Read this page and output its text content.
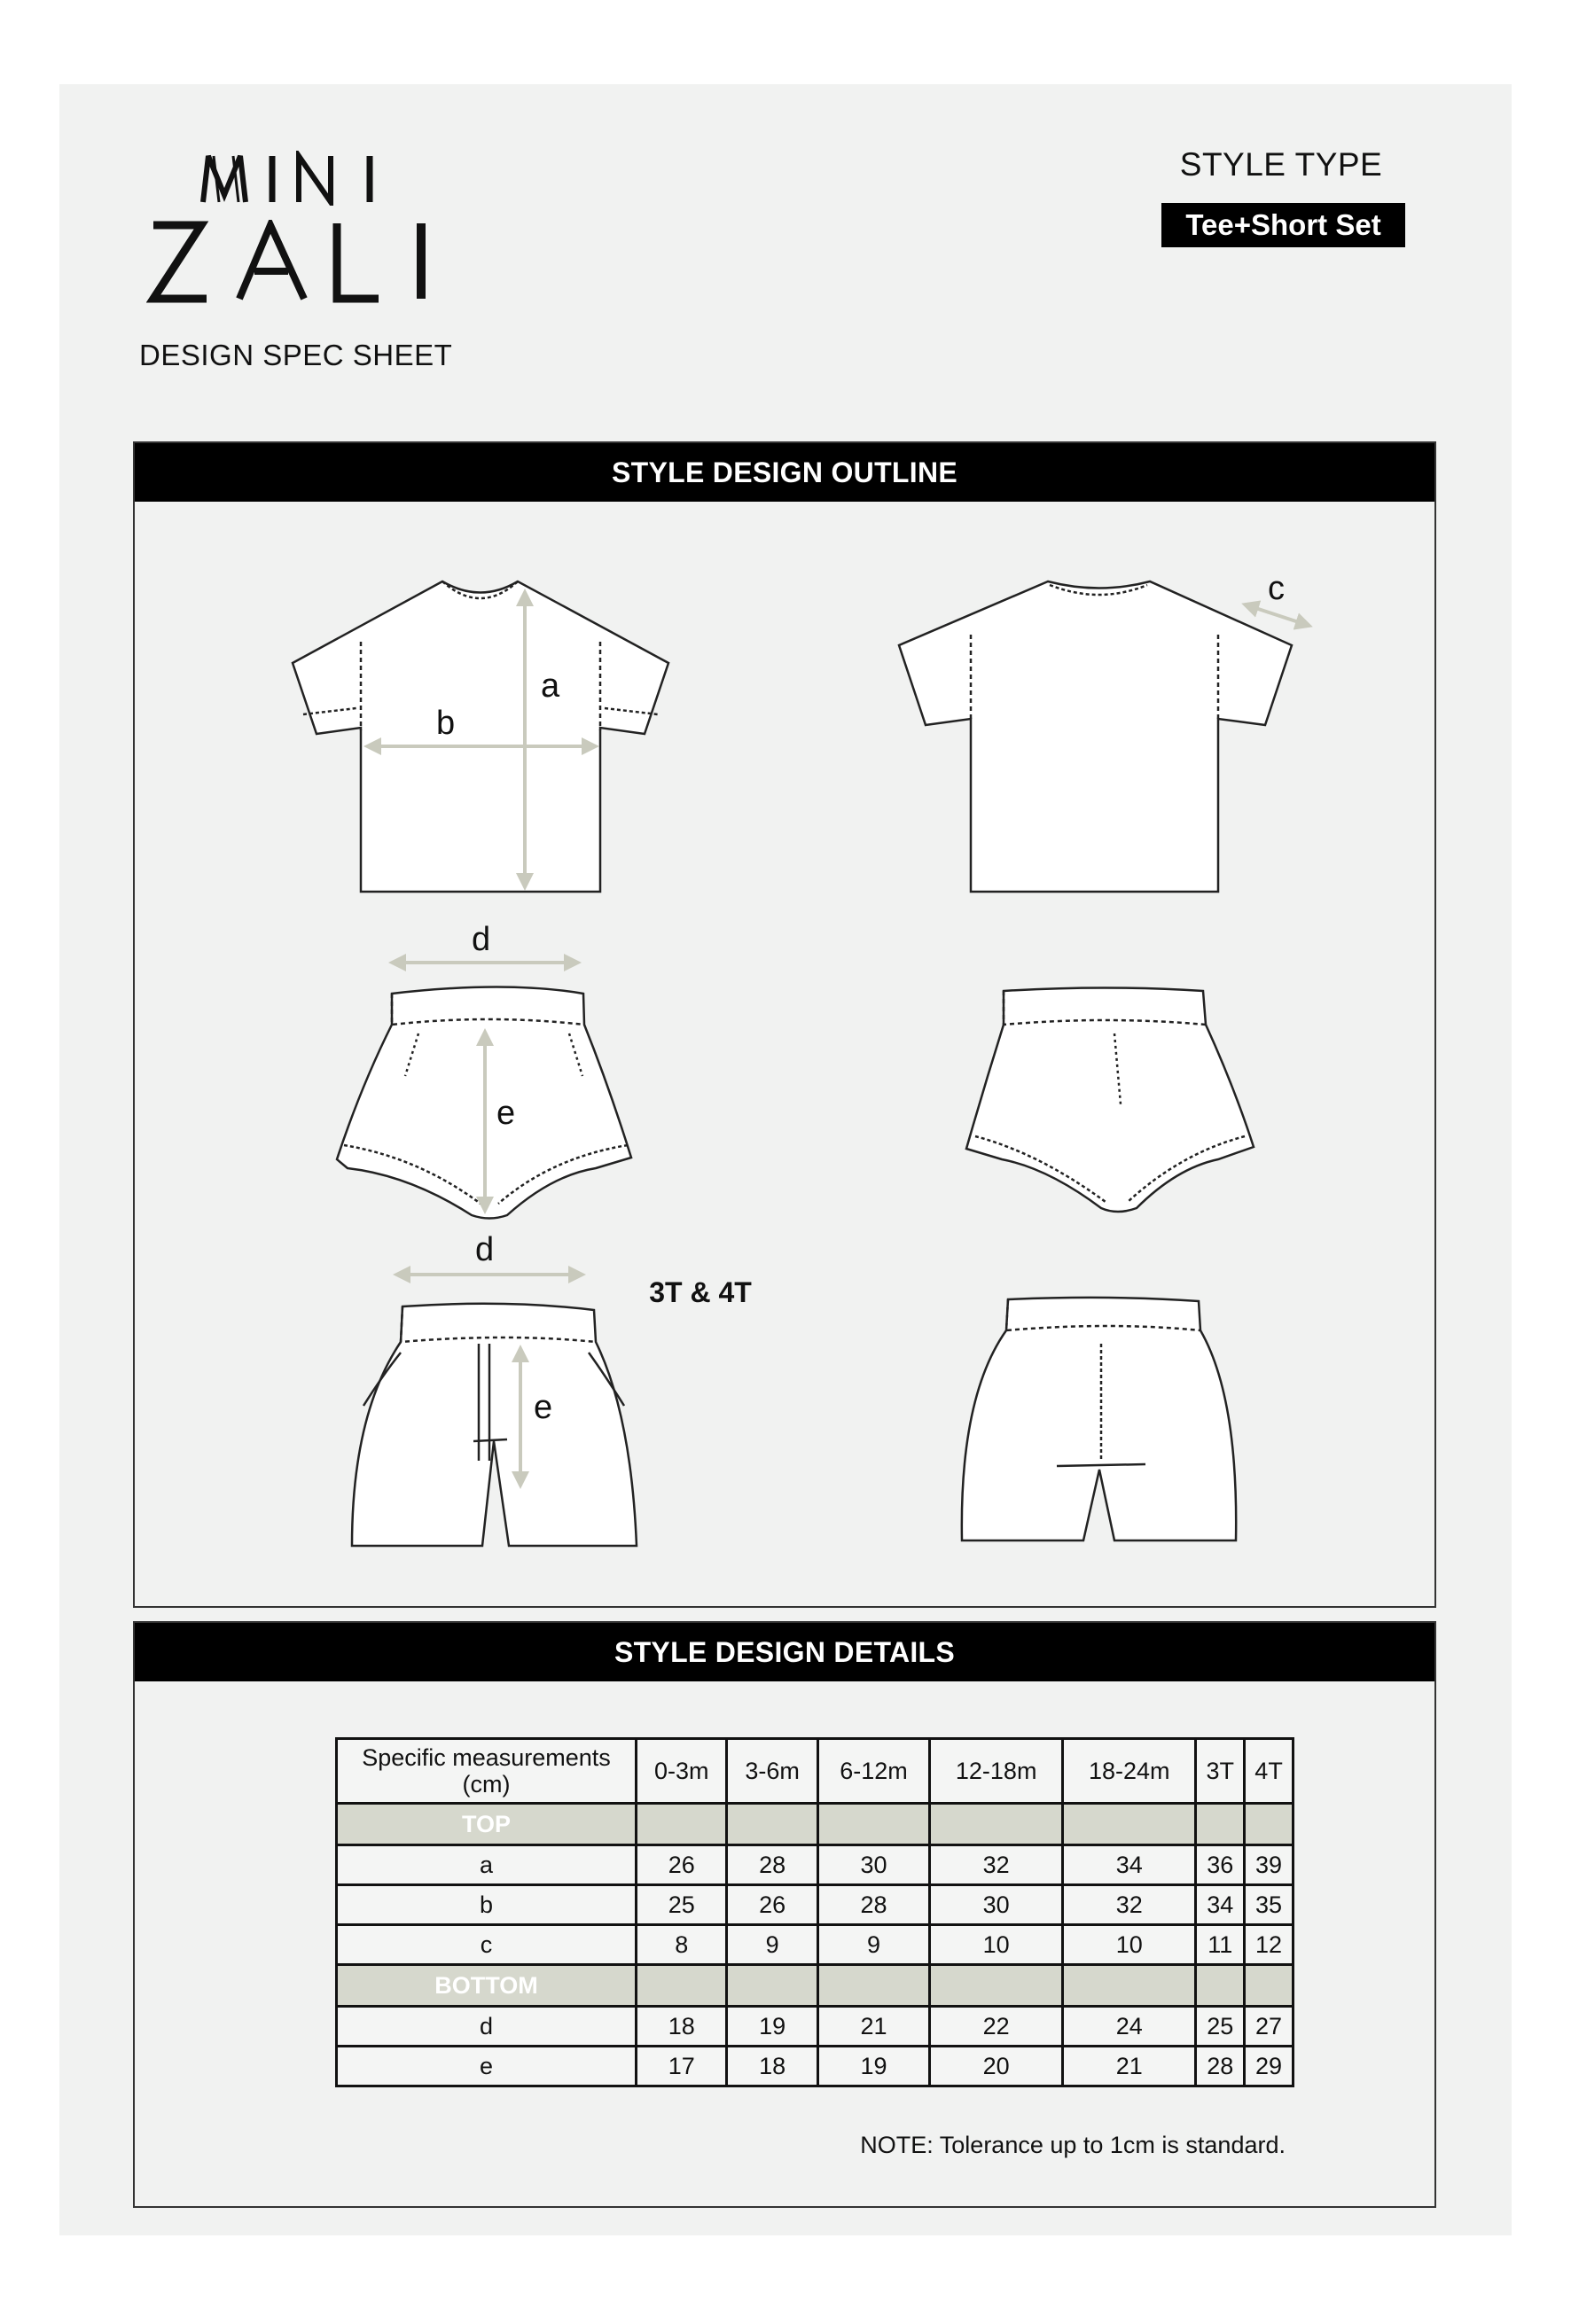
DESIGN SPEC SHEET
STYLE TYPE
Tee+Short Set
STYLE DESIGN OUTLINE
a
b
c
d
e
d
e
3T & 4T
STYLE DESIGN DETAILS
Specific measurements (cm)	0-3m	3-6m	6-12m	12-18m	18-24m	3T	4T
TOP							
a	26	28	30	32	34	36	39
b	25	26	28	30	32	34	35
c	8	9	9	10	10	11	12
BOTTOM							
d	18	19	21	22	24	25	27
e	17	18	19	20	21	28	29
NOTE: Tolerance up to 1cm is standard.
